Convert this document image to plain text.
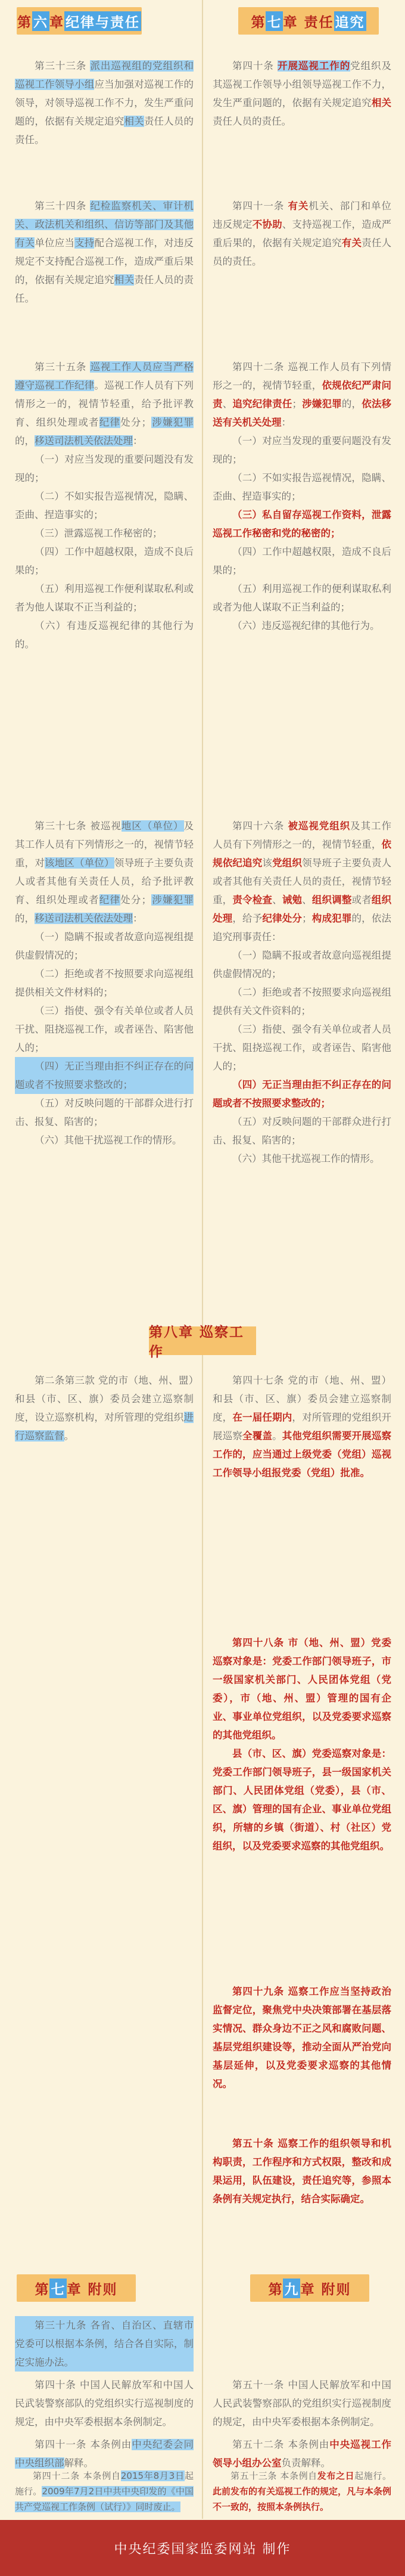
第 六 章 纪律与责任	第 七 章 责任 追究

第三十三条 派出巡视组的党组织和巡视工作领导小组应当加强对巡视工作的领导，对领导巡视工作不力，发生严重问题的，依据有关规定追究相关责任人员的责任。

第四十条 开展巡视工作的党组织及其巡视工作领导小组领导巡视工作不力，发生严重问题的，依据有关规定追究相关责任人员的责任。

第三十四条 纪检监察机关、审计机关、政法机关和组织、信访等部门及其他有关单位应当支持配合巡视工作，对违反规定不支持配合巡视工作，造成严重后果的，依据有关规定追究相关责任人员的责任。

第四十一条 有关机关、部门和单位违反规定不协助、支持巡视工作，造成严重后果的，依据有关规定追究有关责任人员的责任。

第三十五条 巡视工作人员应当严格遵守巡视工作纪律。巡视工作人员有下列情形之一的，视情节轻重，给予批评教育、组织处理或者纪律处分；涉嫌犯罪的，移送司法机关依法处理：

（一）对应当发现的重要问题没有发现的；

（二）不如实报告巡视情况，隐瞒、歪曲、捏造事实的；

（三）泄露巡视工作秘密的；

（四）工作中超越权限，造成不良后果的；

（五）利用巡视工作便利谋取私利或者为他人谋取不正当利益的；

（六）有违反巡视纪律的其他行为的。

第四十二条 巡视工作人员有下列情形之一的，视情节轻重，依规依纪严肃问责、追究纪律责任；涉嫌犯罪的，依法移送有关机关处理：

（一）对应当发现的重要问题没有发现的；

（二）不如实报告巡视情况，隐瞒、歪曲、捏造事实的；

（三）私自留存巡视工作资料，泄露巡视工作秘密和党的秘密的；

（四）工作中超越权限，造成不良后果的；

（五）利用巡视工作的便利谋取私利或者为他人谋取不正当利益的；

（六）违反巡视纪律的其他行为。

第三十七条 被巡视地区（单位）及其工作人员有下列情形之一的，视情节轻重，对该地区（单位）领导班子主要负责人或者其他有关责任人员，给予批评教育、组织处理或者纪律处分；涉嫌犯罪的，移送司法机关依法处理：

（一）隐瞒不报或者故意向巡视组提供虚假情况的；

（二）拒绝或者不按照要求向巡视组提供相关文件材料的；

（三）指使、强令有关单位或者人员干扰、阻挠巡视工作，或者诬告、陷害他人的；

（四）无正当理由拒不纠正存在的问题或者不按照要求整改的；

（五）对反映问题的干部群众进行打击、报复、陷害的；

（六）其他干扰巡视工作的情形。

第四十六条 被巡视党组织及其工作人员有下列情形之一的，视情节轻重，依规依纪追究该党组织领导班子主要负责人或者其他有关责任人员的责任，视情节轻重，责令检查、诫勉、组织调整或者组织处理，给予纪律处分；构成犯罪的，依法追究刑事责任：

（一）隐瞒不报或者故意向巡视组提供虚假情况的；

（二）拒绝或者不按照要求向巡视组提供有关文件资料的；

（三）指使、强令有关单位或者人员干扰、阻挠巡视工作，或者诬告、陷害他人的；

（四）无正当理由拒不纠正存在的问题或者不按照要求整改的；

（五）对反映问题的干部群众进行打击、报复、陷害的；

（六）其他干扰巡视工作的情形。

第八章 巡察工作

第二条第三款 党的市（地、州、盟）和县（市、区、旗）委员会建立巡察制度，设立巡察机构，对所管理的党组织进行巡察监督。

第四十七条 党的市（地、州、盟）和县（市、区、旗）委员会建立巡察制度，在一届任期内，对所管理的党组织开展巡察全覆盖。其他党组织需要开展巡察工作的，应当通过上级党委（党组）巡视工作领导小组报党委（党组）批准。

第四十八条 市（地、州、盟）党委巡察对象是：党委工作部门领导班子，市一级国家机关部门、人民团体党组（党委），市（地、州、盟）管理的国有企业、事业单位党组织，以及党委要求巡察的其他党组织。

县（市、区、旗）党委巡察对象是：党委工作部门领导班子，县一级国家机关部门、人民团体党组（党委），县（市、区、旗）管理的国有企业、事业单位党组织，所辖的乡镇（街道）、村（社区）党组织，以及党委要求巡察的其他党组织。

第四十九条 巡察工作应当坚持政治监督定位，聚焦党中央决策部署在基层落实情况、群众身边不正之风和腐败问题、基层党组织建设等，推动全面从严治党向基层延伸，以及党委要求巡察的其他情况。

第五十条 巡察工作的组织领导和机构职责，工作程序和方式权限，整改和成果运用，队伍建设，责任追究等，参照本条例有关规定执行，结合实际确定。

第 七 章 附则	第 九 章 附则

第三十九条 各省、自治区、直辖市党委可以根据本条例，结合各自实际，制定实施办法。

第四十条 中国人民解放军和中国人民武装警察部队的党组织实行巡视制度的规定，由中央军委根据本条例制定。

第五十一条 中国人民解放军和中国人民武装警察部队的党组织实行巡视制度的规定，由中央军委根据本条例制定。

第四十一条 本条例由中央纪委会同中央组织部解释。

第五十二条 本条例由中央巡视工作领导小组办公室负责解释。

第四十二条 本条例自2015年8月3日起施行。2009年7月2日中共中央印发的《中国共产党巡视工作条例（试行）》同时废止。

第五十三条 本条例自发布之日起施行。此前发布的有关巡视工作的规定，凡与本条例不一致的，按照本条例执行。

中央纪委国家监委网站 制作
